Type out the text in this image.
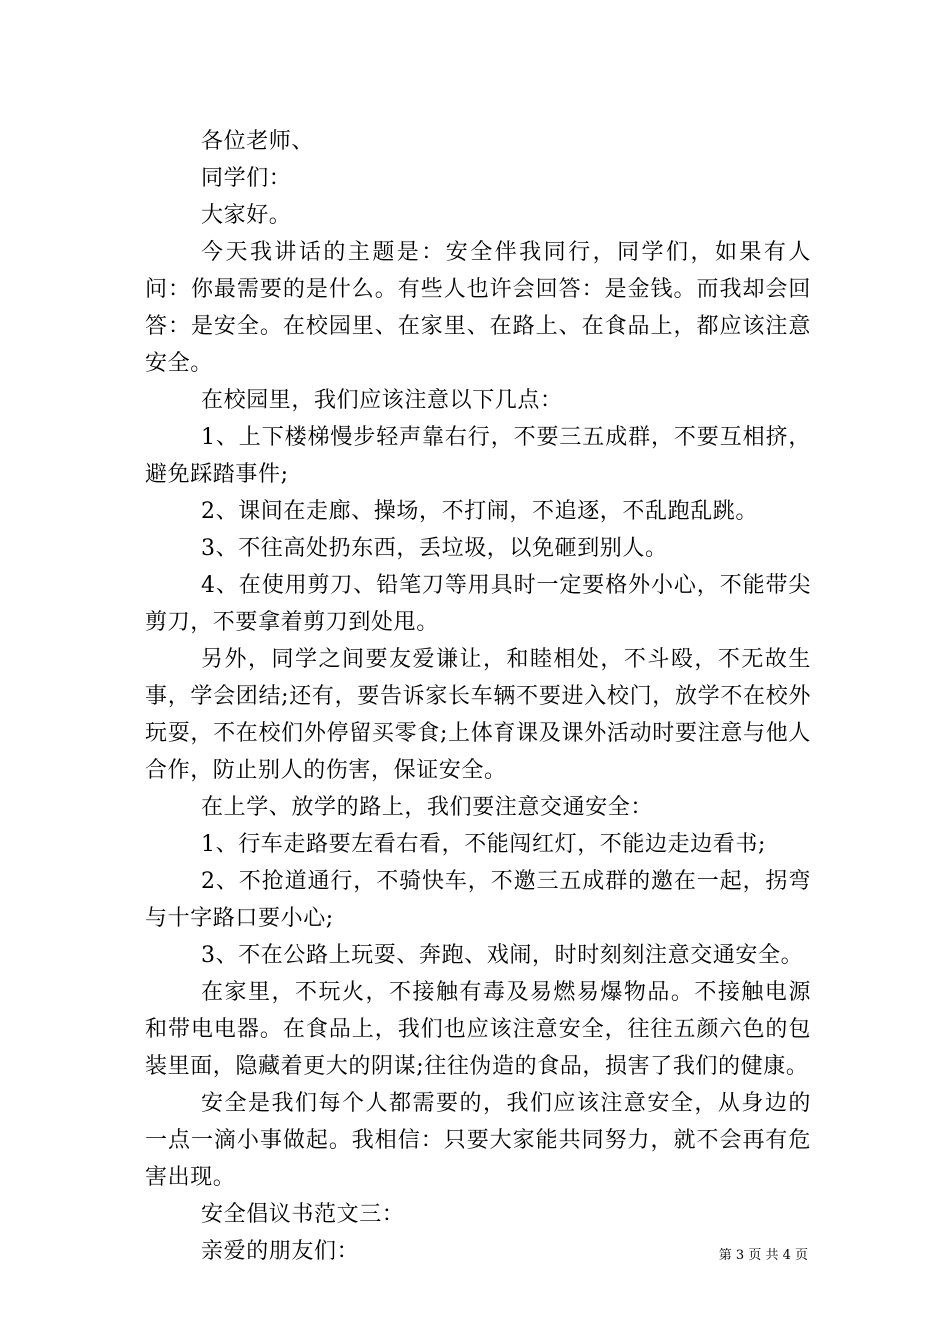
各位老师、

同学们：

大家好。

今天我讲话的主题是：安全伴我同行，同学们，如果有人问：你最需要的是什么。有些人也许会回答：是金钱。而我却会回答：是安全。在校园里、在家里、在路上、在食品上，都应该注意安全。

在校园里，我们应该注意以下几点：

1、上下楼梯慢步轻声靠右行，不要三五成群，不要互相挤，避免踩踏事件;

2、课间在走廊、操场，不打闹，不追逐，不乱跑乱跳。

3、不往高处扔东西，丢垃圾，以免砸到别人。

4、在使用剪刀、铅笔刀等用具时一定要格外小心，不能带尖剪刀，不要拿着剪刀到处甩。

另外，同学之间要友爱谦让，和睦相处，不斗殴，不无故生事，学会团结;还有，要告诉家长车辆不要进入校门，放学不在校外玩耍，不在校们外停留买零食;上体育课及课外活动时要注意与他人合作，防止别人的伤害，保证安全。

在上学、放学的路上，我们要注意交通安全：

1、行车走路要左看右看，不能闯红灯，不能边走边看书;

2、不抢道通行，不骑快车，不邀三五成群的邀在一起，拐弯与十字路口要小心;

3、不在公路上玩耍、奔跑、戏闹，时时刻刻注意交通安全。

在家里，不玩火，不接触有毒及易燃易爆物品。不接触电源和带电电器。在食品上，我们也应该注意安全，往往五颜六色的包装里面，隐藏着更大的阴谋;往往伪造的食品，损害了我们的健康。

安全是我们每个人都需要的，我们应该注意安全，从身边的一点一滴小事做起。我相信：只要大家能共同努力，就不会再有危害出现。

安全倡议书范文三：

亲爱的朋友们：	第 3 页 共 4 页
